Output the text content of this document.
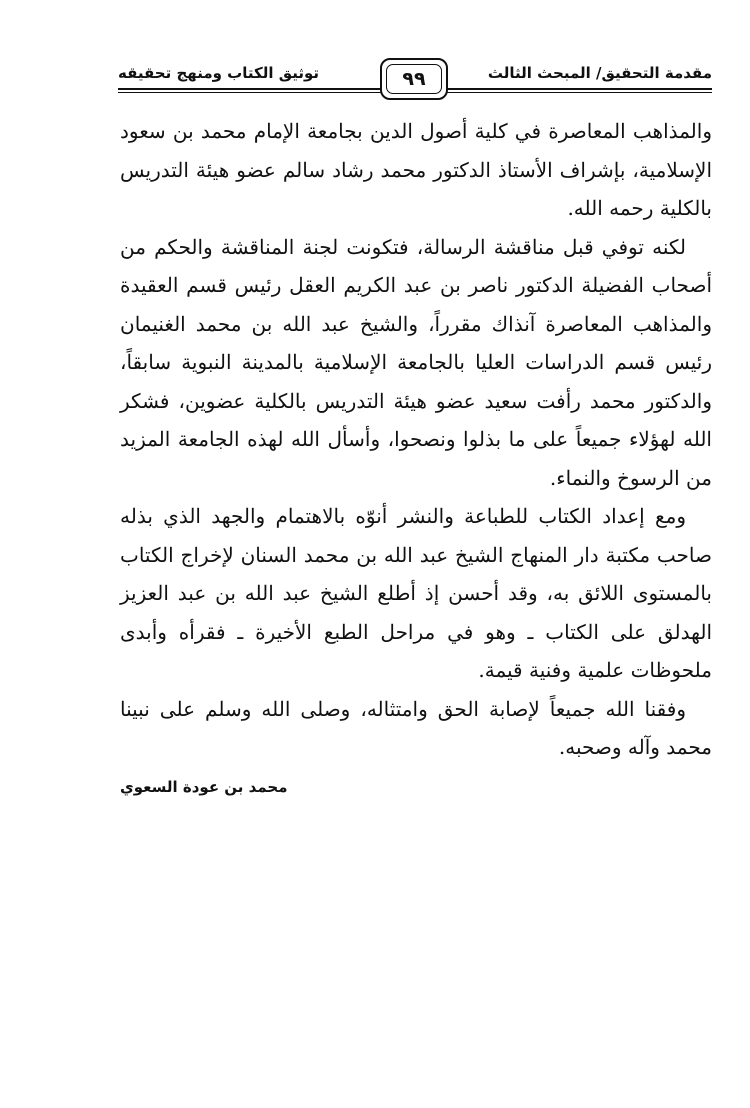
توثيق الكتاب ومنهج تحقيقه	٩٩	مقدمة التحقيق/ المبحث الثالث

والمذاهب المعاصرة في كلية أصول الدين بجامعة الإمام محمد بن سعود الإسلامية، بإشراف الأستاذ الدكتور محمد رشاد سالم عضو هيئة التدريس بالكلية رحمه الله.

لكنه توفي قبل مناقشة الرسالة، فتكونت لجنة المناقشة والحكم من أصحاب الفضيلة الدكتور ناصر بن عبد الكريم العقل رئيس قسم العقيدة والمذاهب المعاصرة آنذاك مقرراً، والشيخ عبد الله بن محمد الغنيمان رئيس قسم الدراسات العليا بالجامعة الإسلامية بالمدينة النبوية سابقاً، والدكتور محمد رأفت سعيد عضو هيئة التدريس بالكلية عضوين، فشكر الله لهؤلاء جميعاً على ما بذلوا ونصحوا، وأسأل الله لهذه الجامعة المزيد من الرسوخ والنماء.

ومع إعداد الكتاب للطباعة والنشر أنوّه بالاهتمام والجهد الذي بذله صاحب مكتبة دار المنهاج الشيخ عبد الله بن محمد السنان لإخراج الكتاب بالمستوى اللائق به، وقد أحسن إذ أطلع الشيخ عبد الله بن عبد العزيز الهدلق على الكتاب ـ وهو في مراحل الطبع الأخيرة ـ فقرأه وأبدى ملحوظات علمية وفنية قيمة.

وفقنا الله جميعاً لإصابة الحق وامتثاله، وصلى الله وسلم على نبينا محمد وآله وصحبه.

محمد بن عودة السعوي
